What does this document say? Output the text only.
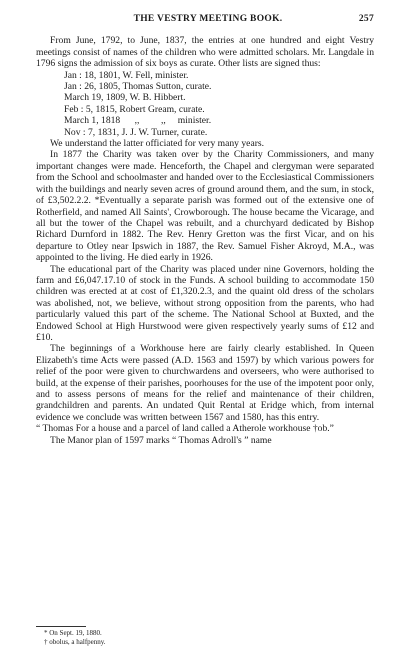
THE VESTRY MEETING BOOK.	257

From June, 1792, to June, 1837, the entries at one hundred and eight Vestry meetings consist of names of the children who were admitted scholars. Mr. Langdale in 1796 signs the admission of six boys as curate. Other lists are signed thus:

Jan : 18, 1801, W. Fell, minister.
Jan : 26, 1805, Thomas Sutton, curate.
March 19, 1809, W. B. Hibbert.
Feb : 5, 1815, Robert Gream, curate.
March 1, 1818      ,,         ,,     minister.
Nov : 7, 1831, J. J. W. Turner, curate.

We understand the latter officiated for very many years.

In 1877 the Charity was taken over by the Charity Commissioners, and many important changes were made. Henceforth, the Chapel and clergyman were separated from the School and schoolmaster and handed over to the Ecclesiastical Commissioners with the buildings and nearly seven acres of ground around them, and the sum, in stock, of £3,502.2.2. *Eventually a separate parish was formed out of the extensive one of Rotherfield, and named All Saints', Crowborough. The house became the Vicarage, and all but the tower of the Chapel was rebuilt, and a churchyard dedicated by Bishop Richard Durnford in 1882. The Rev. Henry Gretton was the first Vicar, and on his departure to Otley near Ipswich in 1887, the Rev. Samuel Fisher Akroyd, M.A., was appointed to the living. He died early in 1926.

The educational part of the Charity was placed under nine Governors, holding the farm and £6,047.17.10 of stock in the Funds. A school building to accommodate 150 children was erected at at cost of £1,320.2.3, and the quaint old dress of the scholars was abolished, not, we believe, without strong opposition from the parents, who had particularly valued this part of the scheme. The National School at Buxted, and the Endowed School at High Hurstwood were given respectively yearly sums of £12 and £10.

The beginnings of a Workhouse here are fairly clearly established. In Queen Elizabeth's time Acts were passed (A.D. 1563 and 1597) by which various powers for relief of the poor were given to churchwardens and overseers, who were authorised to build, at the expense of their parishes, poorhouses for the use of the impotent poor only, and to assess persons of means for the relief and maintenance of their children, grandchildren and parents. An undated Quit Rental at Eridge which, from internal evidence we conclude was written between 1567 and 1580, has this entry.

“ Thomas For a house and a parcel of land called a Atherole workhouse †ob.”

The Manor plan of 1597 marks “ Thomas Adroll's ” name

* On Sept. 19, 1880.
† obolus, a halfpenny.
